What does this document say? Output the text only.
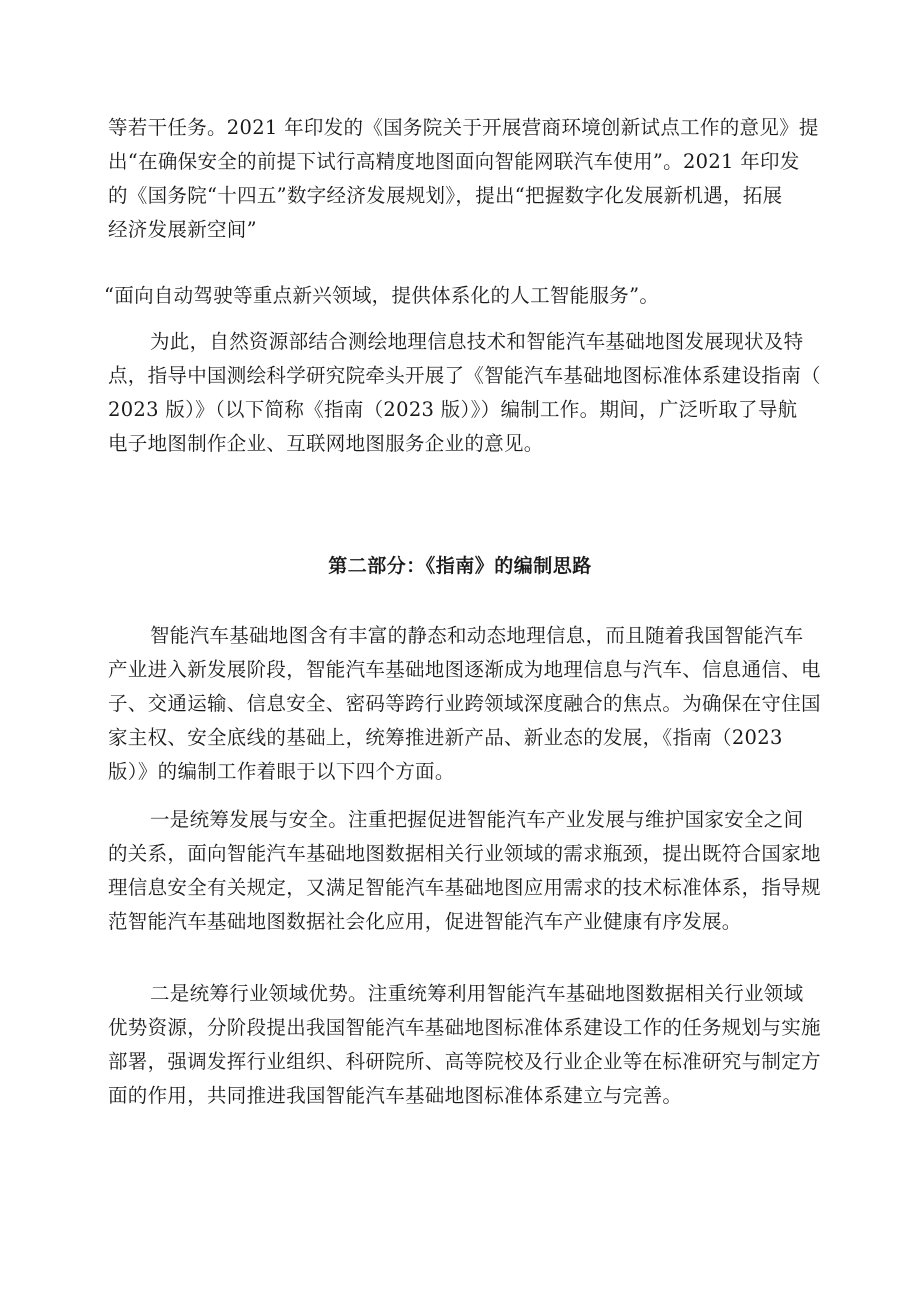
等若干任务。2021 年印发的《国务院关于开展营商环境创新试点工作的意见》提
出“在确保安全的前提下试行高精度地图面向智能网联汽车使用”。2021 年印发
的《国务院“十四五”数字经济发展规划》，提出“把握数字化发展新机遇，拓展
经济发展新空间”
“面向自动驾驶等重点新兴领域，提供体系化的人工智能服务”。
为此，自然资源部结合测绘地理信息技术和智能汽车基础地图发展现状及特
点，指导中国测绘科学研究院牵头开展了《智能汽车基础地图标准体系建设指南（
2023 版）》（以下简称《指南（2023 版）》）编制工作。期间，广泛听取了导航
电子地图制作企业、互联网地图服务企业的意见。
第二部分：《指南》的编制思路
智能汽车基础地图含有丰富的静态和动态地理信息，而且随着我国智能汽车
产业进入新发展阶段，智能汽车基础地图逐渐成为地理信息与汽车、信息通信、电
子、交通运输、信息安全、密码等跨行业跨领域深度融合的焦点。为确保在守住国
家主权、安全底线的基础上，统筹推进新产品、新业态的发展，《指南（2023
版）》的编制工作着眼于以下四个方面。
一是统筹发展与安全。注重把握促进智能汽车产业发展与维护国家安全之间
的关系，面向智能汽车基础地图数据相关行业领域的需求瓶颈，提出既符合国家地
理信息安全有关规定，又满足智能汽车基础地图应用需求的技术标准体系，指导规
范智能汽车基础地图数据社会化应用，促进智能汽车产业健康有序发展。
二是统筹行业领域优势。注重统筹利用智能汽车基础地图数据相关行业领域
优势资源，分阶段提出我国智能汽车基础地图标准体系建设工作的任务规划与实施
部署，强调发挥行业组织、科研院所、高等院校及行业企业等在标准研究与制定方
面的作用，共同推进我国智能汽车基础地图标准体系建立与完善。
